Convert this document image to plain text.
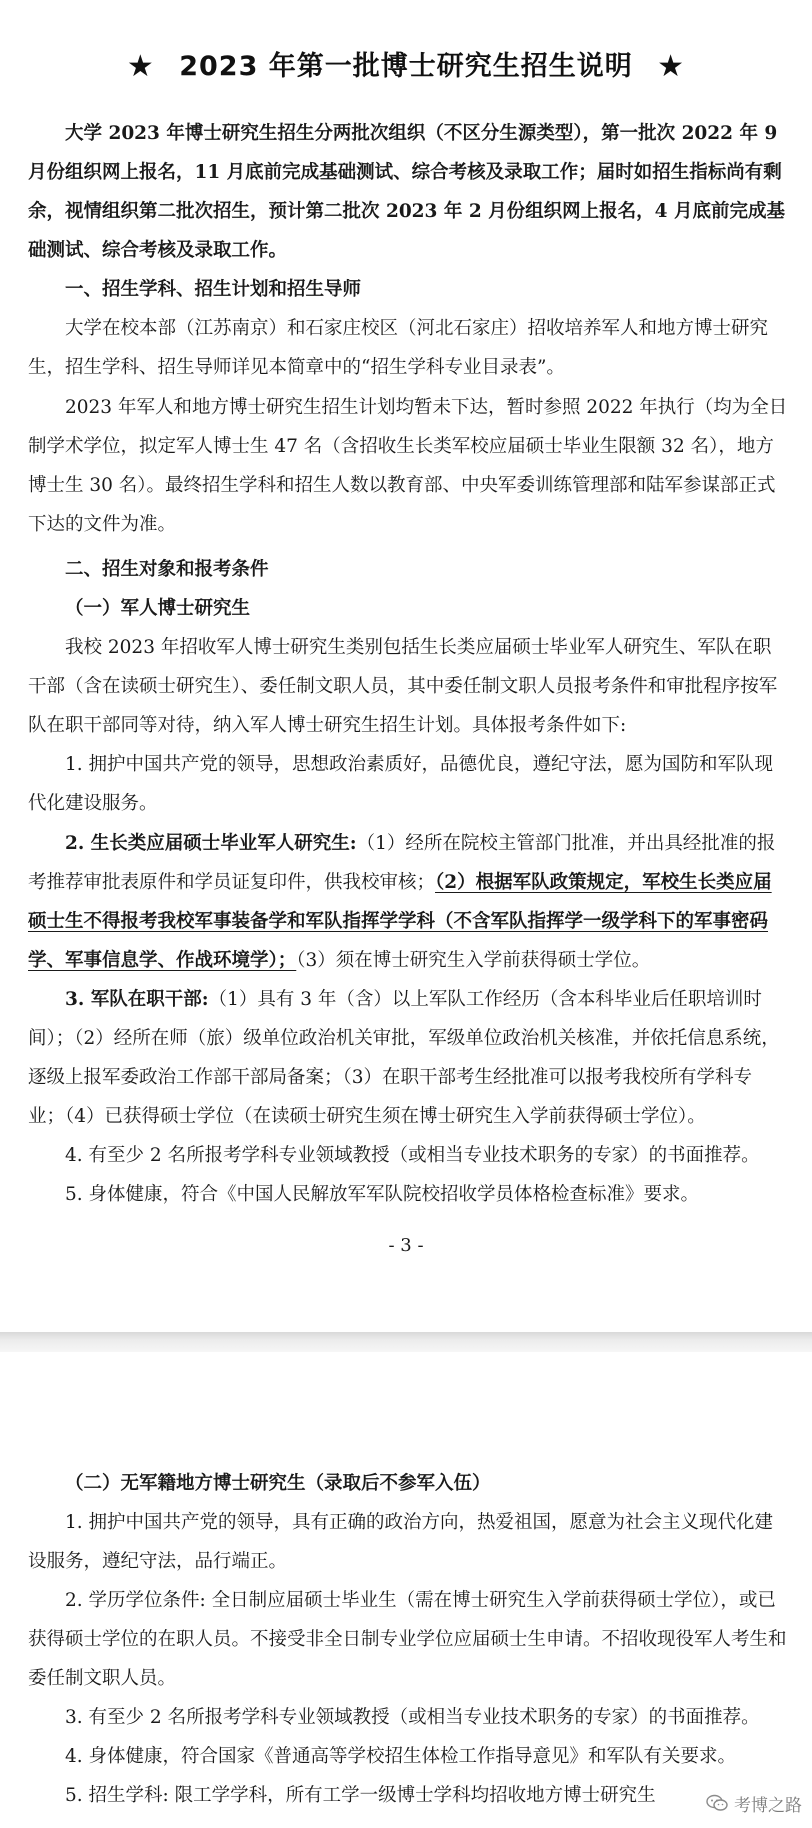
★ 2023 年第一批博士研究生招生说明 ★
大学 2023 年博士研究生招生分两批次组织（不区分生源类型），第一批次 2022 年 9 月份组织网上报名，11 月底前完成基础测试、综合考核及录取工作；届时如招生指标尚有剩余，视情组织第二批次招生，预计第二批次 2023 年 2 月份组织网上报名，4 月底前完成基础测试、综合考核及录取工作。
一、招生学科、招生计划和招生导师
大学在校本部（江苏南京）和石家庄校区（河北石家庄）招收培养军人和地方博士研究生，招生学科、招生导师详见本简章中的“招生学科专业目录表”。
2023 年军人和地方博士研究生招生计划均暂未下达，暂时参照 2022 年执行（均为全日制学术学位，拟定军人博士生 47 名（含招收生长类军校应届硕士毕业生限额 32 名），地方博士生 30 名）。最终招生学科和招生人数以教育部、中央军委训练管理部和陆军参谋部正式下达的文件为准。
二、招生对象和报考条件
（一）军人博士研究生
我校 2023 年招收军人博士研究生类别包括生长类应届硕士毕业军人研究生、军队在职干部（含在读硕士研究生）、委任制文职人员，其中委任制文职人员报考条件和审批程序按军队在职干部同等对待，纳入军人博士研究生招生计划。具体报考条件如下:
1. 拥护中国共产党的领导，思想政治素质好，品德优良，遵纪守法，愿为国防和军队现代化建设服务。
2. 生长类应届硕士毕业军人研究生:（1）经所在院校主管部门批准，并出具经批准的报考推荐审批表原件和学员证复印件，供我校审核；（2）根据军队政策规定，军校生长类应届硕士生不得报考我校军事装备学和军队指挥学学科（不含军队指挥学一级学科下的军事密码学、军事信息学、作战环境学）；（3）须在博士研究生入学前获得硕士学位。
3. 军队在职干部:（1）具有 3 年（含）以上军队工作经历（含本科毕业后任职培训时间）；（2）经所在师（旅）级单位政治机关审批，军级单位政治机关核准，并依托信息系统，逐级上报军委政治工作部干部局备案；（3）在职干部考生经批准可以报考我校所有学科专业；（4）已获得硕士学位（在读硕士研究生须在博士研究生入学前获得硕士学位）。
4. 有至少 2 名所报考学科专业领域教授（或相当专业技术职务的专家）的书面推荐。
5. 身体健康，符合《中国人民解放军军队院校招收学员体格检查标准》要求。
- 3 -
（二）无军籍地方博士研究生（录取后不参军入伍）
1. 拥护中国共产党的领导，具有正确的政治方向，热爱祖国，愿意为社会主义现代化建设服务，遵纪守法，品行端正。
2. 学历学位条件: 全日制应届硕士毕业生（需在博士研究生入学前获得硕士学位），或已获得硕士学位的在职人员。不接受非全日制专业学位应届硕士生申请。不招收现役军人考生和委任制文职人员。
3. 有至少 2 名所报考学科专业领域教授（或相当专业技术职务的专家）的书面推荐。
4. 身体健康，符合国家《普通高等学校招生体检工作指导意见》和军队有关要求。
5. 招生学科: 限工学学科，所有工学一级博士学科均招收地方博士研究生	考博之路
